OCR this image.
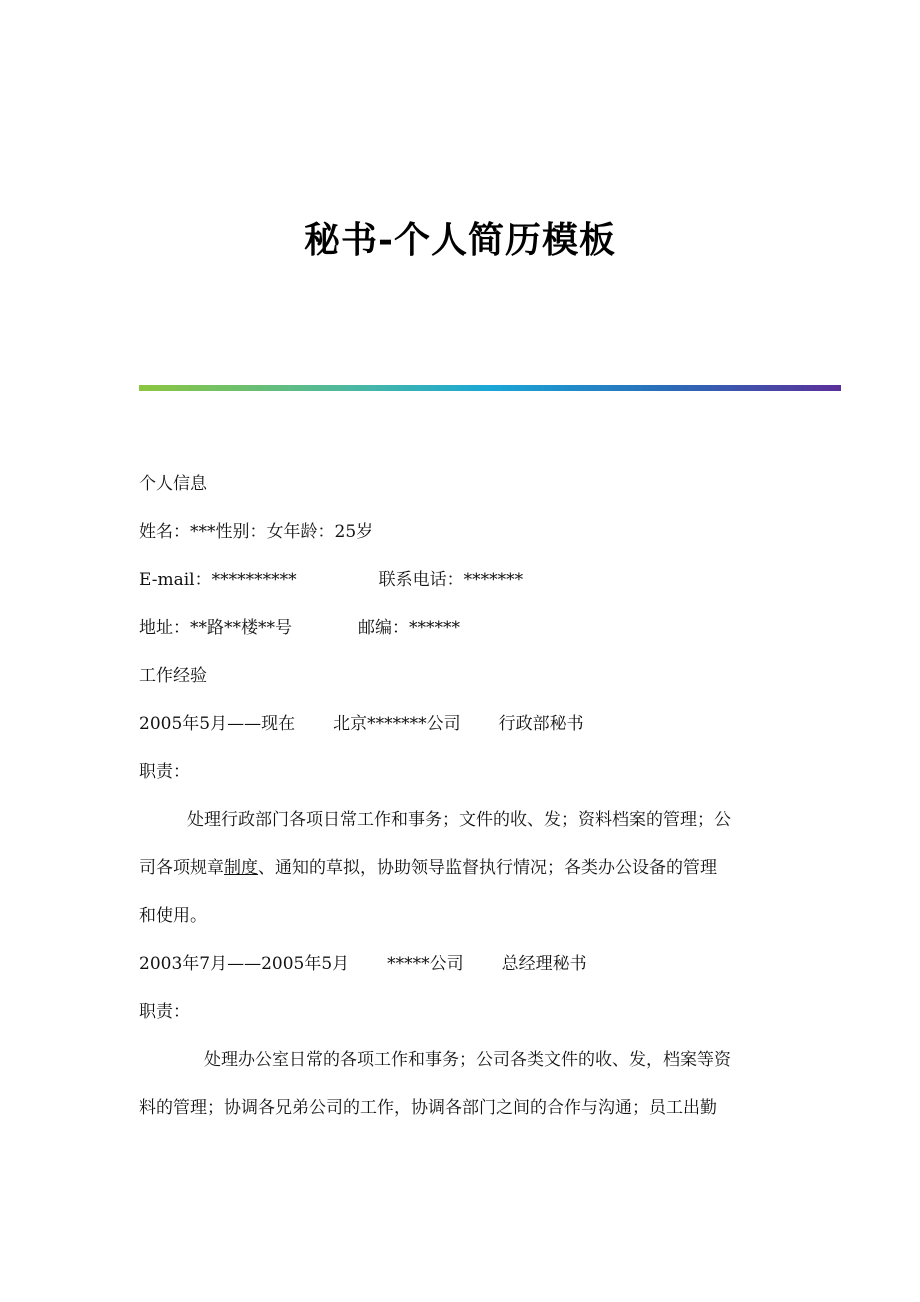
秘书-个人简历模板
个人信息
姓名：***性别：女年龄：25岁
E-mail：**********	联系电话：*******
地址：**路**楼**号	邮编：******
工作经验
2005年5月——现在 北京*******公司 行政部秘书
职责：
处理行政部门各项日常工作和事务；文件的收、发；资料档案的管理；公
司各项规章制度、通知的草拟，协助领导监督执行情况；各类办公设备的管理
和使用。
2003年7月——2005年5月 *****公司 总经理秘书
职责：
处理办公室日常的各项工作和事务；公司各类文件的收、发，档案等资
料的管理；协调各兄弟公司的工作，协调各部门之间的合作与沟通；员工出勤
